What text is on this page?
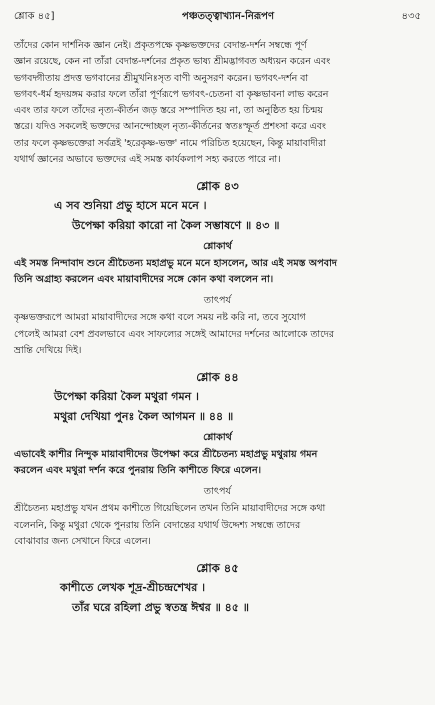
শ্লোক ৪৫]	পঞ্চতত্ত্বাখ্যান-নিরূপণ	৪৩৫

তাঁদের কোন দার্শনিক জ্ঞান নেই। প্রকৃতপক্ষে কৃষ্ণভক্তদের বেদান্ত-দর্শন সম্বন্ধে পূর্ণ
জ্ঞান রয়েছে, কেন না তাঁরা বেদান্ত-দর্শনের প্রকৃত ভাষ্য শ্রীমদ্ভাগবত অধ্যয়ন করেন এবং
ভগবদ্গীতায় প্রদত্ত ভগবানের শ্রীমুখনিঃসৃত বাণী অনুসরণ করেন। ভগবৎ-দর্শন বা
ভগবৎ-ধর্ম হৃদয়ঙ্গম করার ফলে তাঁরা পূর্ণরূপে ভগবৎ-চেতনা বা কৃষ্ণভাবনা লাভ করেন
এবং তার ফলে তাঁদের নৃত্য-কীর্তন জড় স্তরে সম্পাদিত হয় না, তা অনুষ্ঠিত হয় চিন্ময়
স্তরে। যদিও সকলেই ভক্তদের আনন্দোচ্ছল নৃত্য-কীর্তনের স্বতঃস্ফূর্ত প্রশংসা করে এবং
তার ফলে কৃষ্ণভক্তেরা সর্বত্রই 'হরেকৃষ্ণ-ভক্ত' নামে পরিচিত হয়েছেন, কিন্তু মায়াবাদীরা
যথার্থ জ্ঞানের অভাবে ভক্তদের এই সমস্ত কার্যকলাপ সহ্য করতে পারে না।

শ্লোক ৪৩
এ সব শুনিয়া প্রভু হাসে মনে মনে ।
উপেক্ষা করিয়া কারো না কৈল সম্ভাষণে ॥ ৪৩ ॥
শ্লোকার্থ

এই সমস্ত নিন্দাবাদ শুনে শ্রীচৈতন্য মহাপ্রভু মনে মনে হাসলেন, আর এই সমস্ত অপবাদ
তিনি অগ্রাহ্য করলেন এবং মায়াবাদীদের সঙ্গে কোন কথা বললেন না।

তাৎপর্য

কৃষ্ণভক্তরূপে আমরা মায়াবাদীদের সঙ্গে কথা বলে সময় নষ্ট করি না, তবে সুযোগ
পেলেই আমরা বেশ প্রবলভাবে এবং সাফল্যের সঙ্গেই আমাদের দর্শনের আলোকে তাদের
ভ্রান্তি দেখিয়ে দিই।

শ্লোক ৪৪
উপেক্ষা করিয়া কৈল মথুরা গমন ।
মথুরা দেখিয়া পুনঃ কৈল আগমন ॥ ৪৪ ॥
শ্লোকার্থ

এভাবেই কাশীর নিন্দুক মায়াবাদীদের উপেক্ষা করে শ্রীচৈতন্য মহাপ্রভু মথুরায় গমন
করলেন এবং মথুরা দর্শন করে পুনরায় তিনি কাশীতে ফিরে এলেন।

তাৎপর্য

শ্রীচৈতন্য মহাপ্রভু যখন প্রথম কাশীতে গিয়েছিলেন তখন তিনি মায়াবাদীদের সঙ্গে কথা
বলেননি, কিন্তু মথুরা থেকে পুনরায় তিনি বেদান্তের যথার্থ উদ্দেশ্য সম্বন্ধে তাদের
বোঝাবার জন্য সেখানে ফিরে এলেন।

শ্লোক ৪৫
কাশীতে লেখক শূদ্র-শ্রীচন্দ্রশেখর ।
তাঁর ঘরে রহিলা প্রভু স্বতন্ত্র ঈশ্বর ॥ ৪৫ ॥
